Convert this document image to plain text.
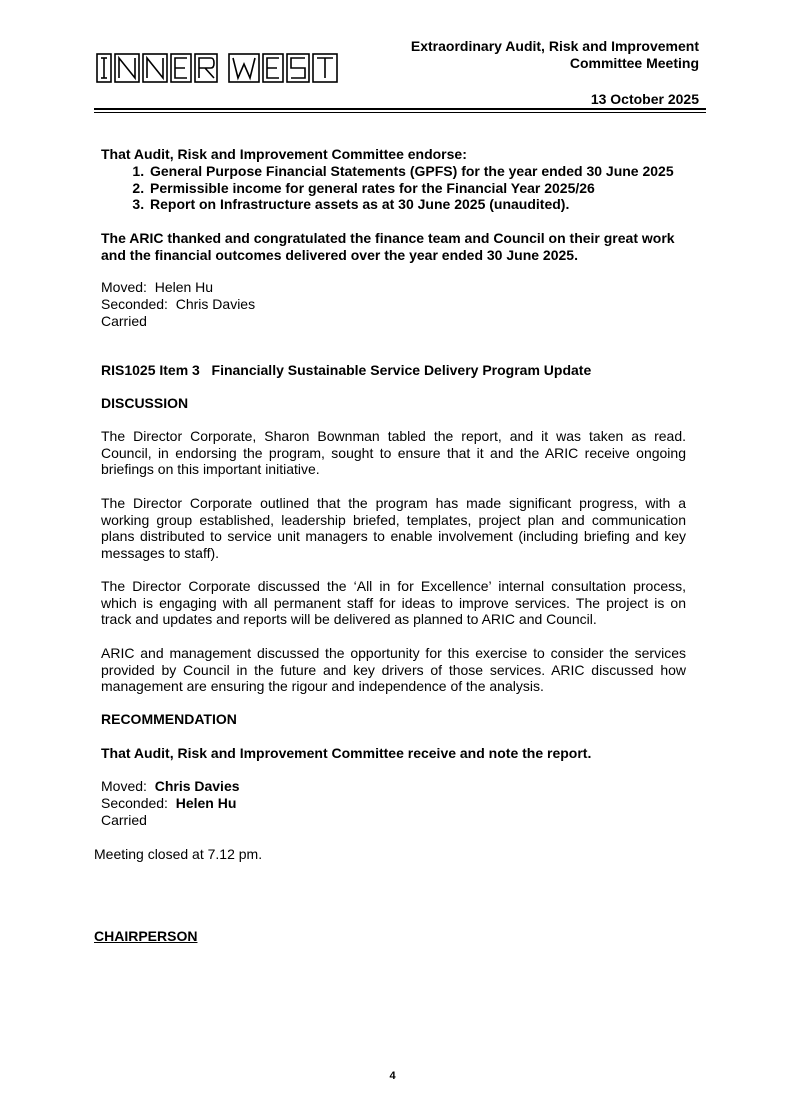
Extraordinary Audit, Risk and Improvement
Committee Meeting
13 October 2025
That Audit, Risk and Improvement Committee endorse:
1. General Purpose Financial Statements (GPFS) for the year ended 30 June 2025
2. Permissible income for general rates for the Financial Year 2025/26
3. Report on Infrastructure assets as at 30 June 2025 (unaudited).
The ARIC thanked and congratulated the finance team and Council on their great work and the financial outcomes delivered over the year ended 30 June 2025.
Moved: Helen Hu
Seconded: Chris Davies
Carried
RIS1025 Item 3 Financially Sustainable Service Delivery Program Update
DISCUSSION
The Director Corporate, Sharon Bownman tabled the report, and it was taken as read. Council, in endorsing the program, sought to ensure that it and the ARIC receive ongoing briefings on this important initiative.
The Director Corporate outlined that the program has made significant progress, with a working group established, leadership briefed, templates, project plan and communication plans distributed to service unit managers to enable involvement (including briefing and key messages to staff).
The Director Corporate discussed the ‘All in for Excellence’ internal consultation process, which is engaging with all permanent staff for ideas to improve services. The project is on track and updates and reports will be delivered as planned to ARIC and Council.
ARIC and management discussed the opportunity for this exercise to consider the services provided by Council in the future and key drivers of those services. ARIC discussed how management are ensuring the rigour and independence of the analysis.
RECOMMENDATION
That Audit, Risk and Improvement Committee receive and note the report.
Moved: Chris Davies
Seconded: Helen Hu
Carried
Meeting closed at 7.12 pm.
CHAIRPERSON
4
